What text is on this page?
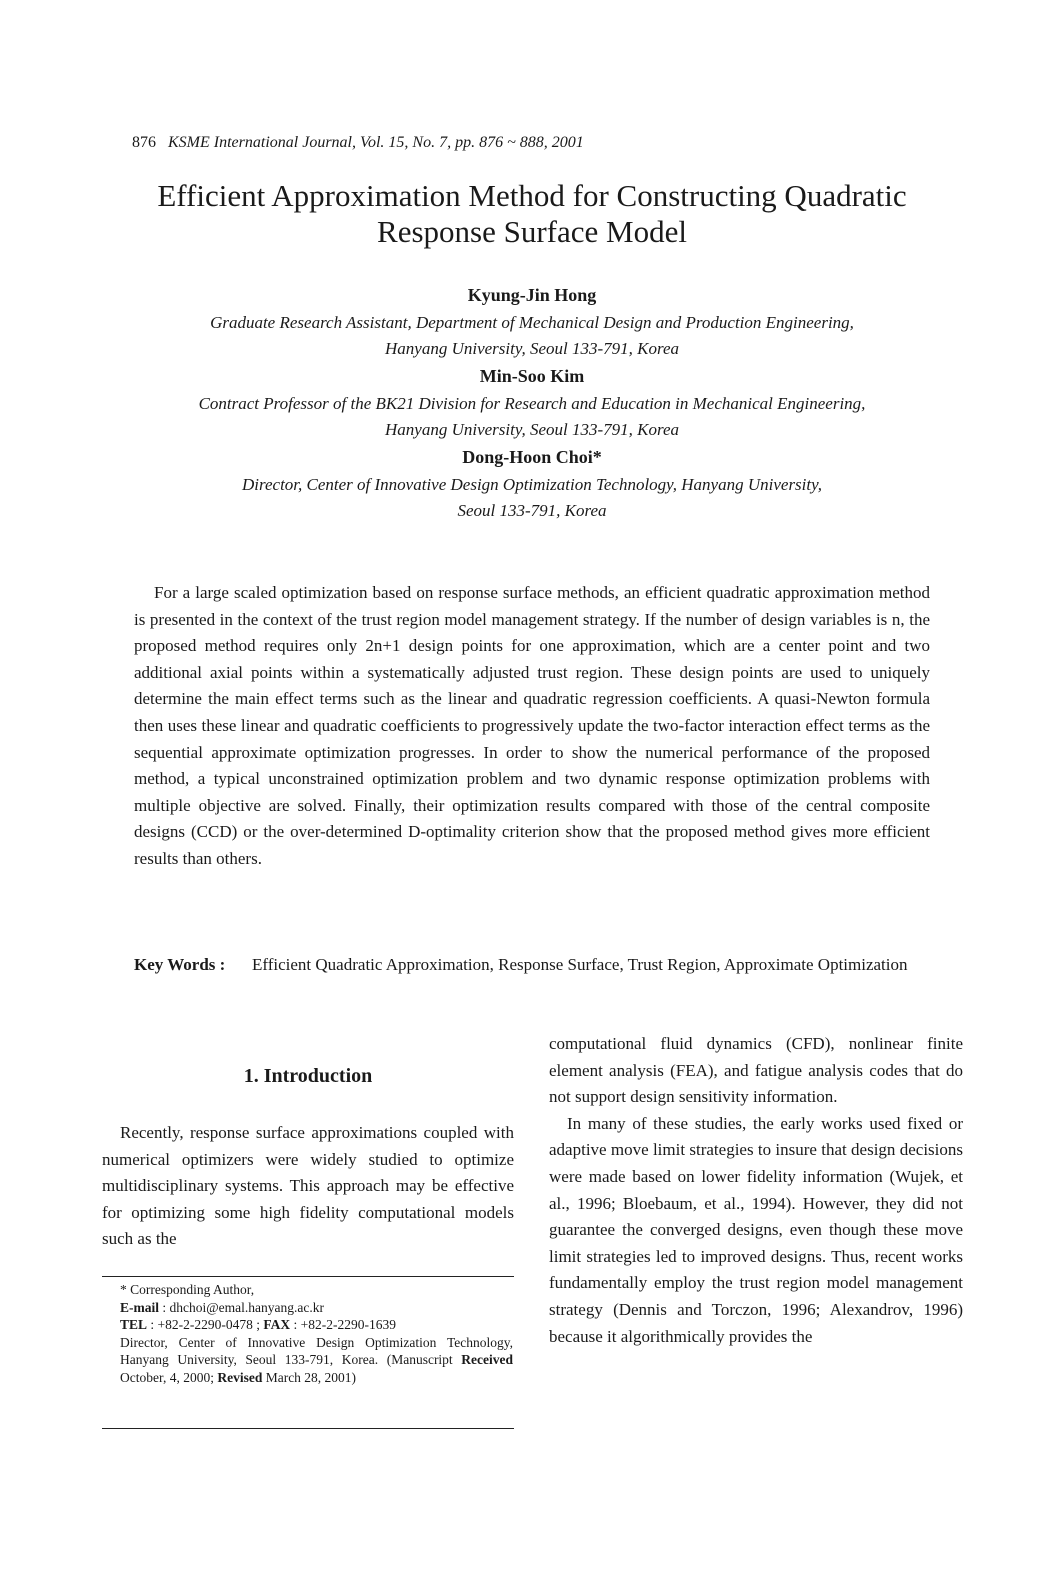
876 KSME International Journal, Vol. 15, No. 7, pp. 876 ~ 888, 2001
Efficient Approximation Method for Constructing Quadratic
Response Surface Model
Kyung-Jin Hong
Graduate Research Assistant, Department of Mechanical Design and Production Engineering,
Hanyang University, Seoul 133-791, Korea
Min-Soo Kim
Contract Professor of the BK21 Division for Research and Education in Mechanical Engineering,
Hanyang University, Seoul 133-791, Korea
Dong-Hoon Choi*
Director, Center of Innovative Design Optimization Technology, Hanyang University,
Seoul 133-791, Korea
For a large scaled optimization based on response surface methods, an efficient quadratic approximation method is presented in the context of the trust region model management strategy. If the number of design variables is n, the proposed method requires only 2n+1 design points for one approximation, which are a center point and two additional axial points within a systematically adjusted trust region. These design points are used to uniquely determine the main effect terms such as the linear and quadratic regression coefficients. A quasi-Newton formula then uses these linear and quadratic coefficients to progressively update the two-factor interaction effect terms as the sequential approximate optimization progresses. In order to show the numerical performance of the proposed method, a typical unconstrained optimization problem and two dynamic response optimization problems with multiple objective are solved. Finally, their optimization results compared with those of the central composite designs (CCD) or the over-determined D-optimality criterion show that the proposed method gives more efficient results than others.
Key Words : Efficient Quadratic Approximation, Response Surface, Trust Region, Approximate Optimization
1. Introduction
Recently, response surface approximations coupled with numerical optimizers were widely studied to optimize multidisciplinary systems. This approach may be effective for optimizing some high fidelity computational models such as the

computational fluid dynamics (CFD), nonlinear finite element analysis (FEA), and fatigue analysis codes that do not support design sensitivity information.

In many of these studies, the early works used fixed or adaptive move limit strategies to insure that design decisions were made based on lower fidelity information (Wujek, et al., 1996; Bloebaum, et al., 1994). However, they did not guarantee the converged designs, even though these move limit strategies led to improved designs. Thus, recent works fundamentally employ the trust region model management strategy (Dennis and Torczon, 1996; Alexandrov, 1996) because it algorithmically provides the

* Corresponding Author,

E-mail : dhchoi@emal.hanyang.ac.kr

TEL : +82-2-2290-0478 ; FAX : +82-2-2290-1639

Director, Center of Innovative Design Optimization Technology, Hanyang University, Seoul 133-791, Korea. (Manuscript Received October, 4, 2000; Revised March 28, 2001)
